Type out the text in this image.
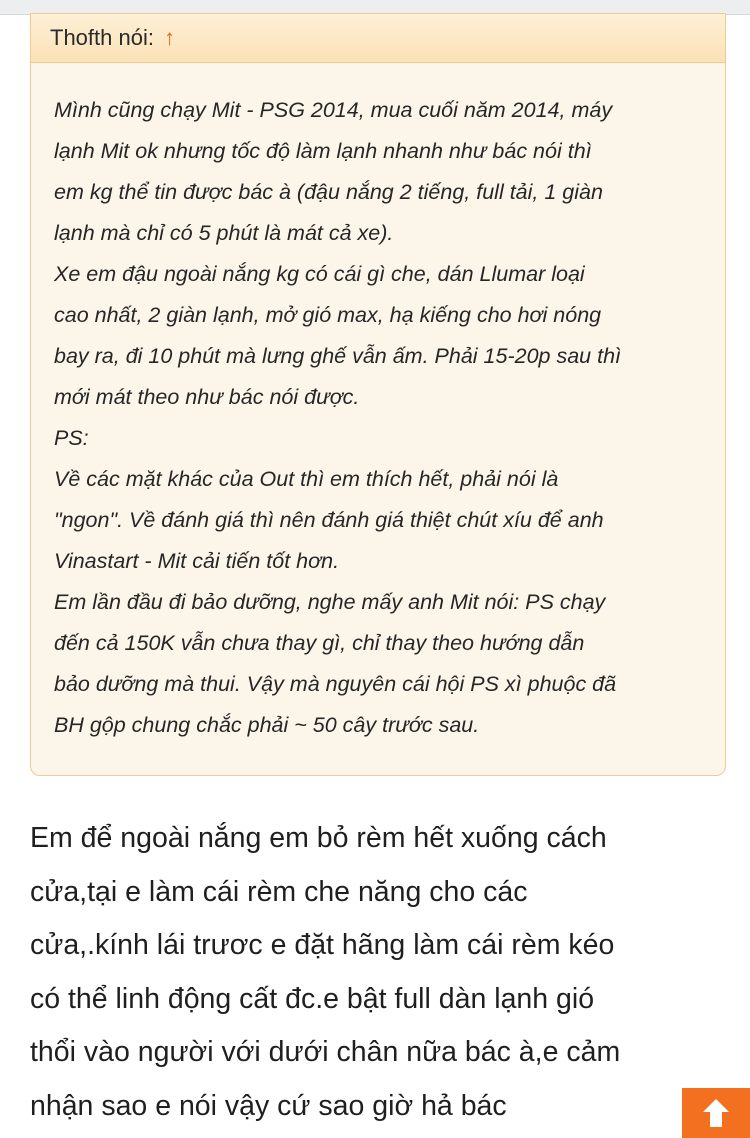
Thofth nói: ↑
Mình cũng chạy Mit - PSG 2014, mua cuối năm 2014, máy
lạnh Mit ok nhưng tốc độ làm lạnh nhanh như bác nói thì
em kg thể tin được bác à (đậu nắng 2 tiếng, full tải, 1 giàn
lạnh mà chỉ có 5 phút là mát cả xe).
Xe em đậu ngoài nắng kg có cái gì che, dán Llumar loại
cao nhất, 2 giàn lạnh, mở gió max, hạ kiếng cho hơi nóng
bay ra, đi 10 phút mà lưng ghế vẫn ấm. Phải 15-20p sau thì
mới mát theo như bác nói được.
PS:
Về các mặt khác của Out thì em thích hết, phải nói là
"ngon". Về đánh giá thì nên đánh giá thiệt chút xíu để anh
Vinastart - Mit cải tiến tốt hơn.
Em lần đầu đi bảo dưỡng, nghe mấy anh Mit nói: PS chạy
đến cả 150K vẫn chưa thay gì, chỉ thay theo hướng dẫn
bảo dưỡng mà thui. Vậy mà nguyên cái hội PS xì phuộc đã
BH gộp chung chắc phải ~ 50 cây trước sau.
Em để ngoài nắng em bỏ rèm hết xuống cách
cửa,tại e làm cái rèm che năng cho các
cửa,.kính lái trươc e đặt hãng làm cái rèm kéo
có thể linh động cất đc.e bật full dàn lạnh gió
thổi vào người với dưới chân nữa bác à,e cảm
nhận sao e nói vậy cứ sao giờ hả bác
